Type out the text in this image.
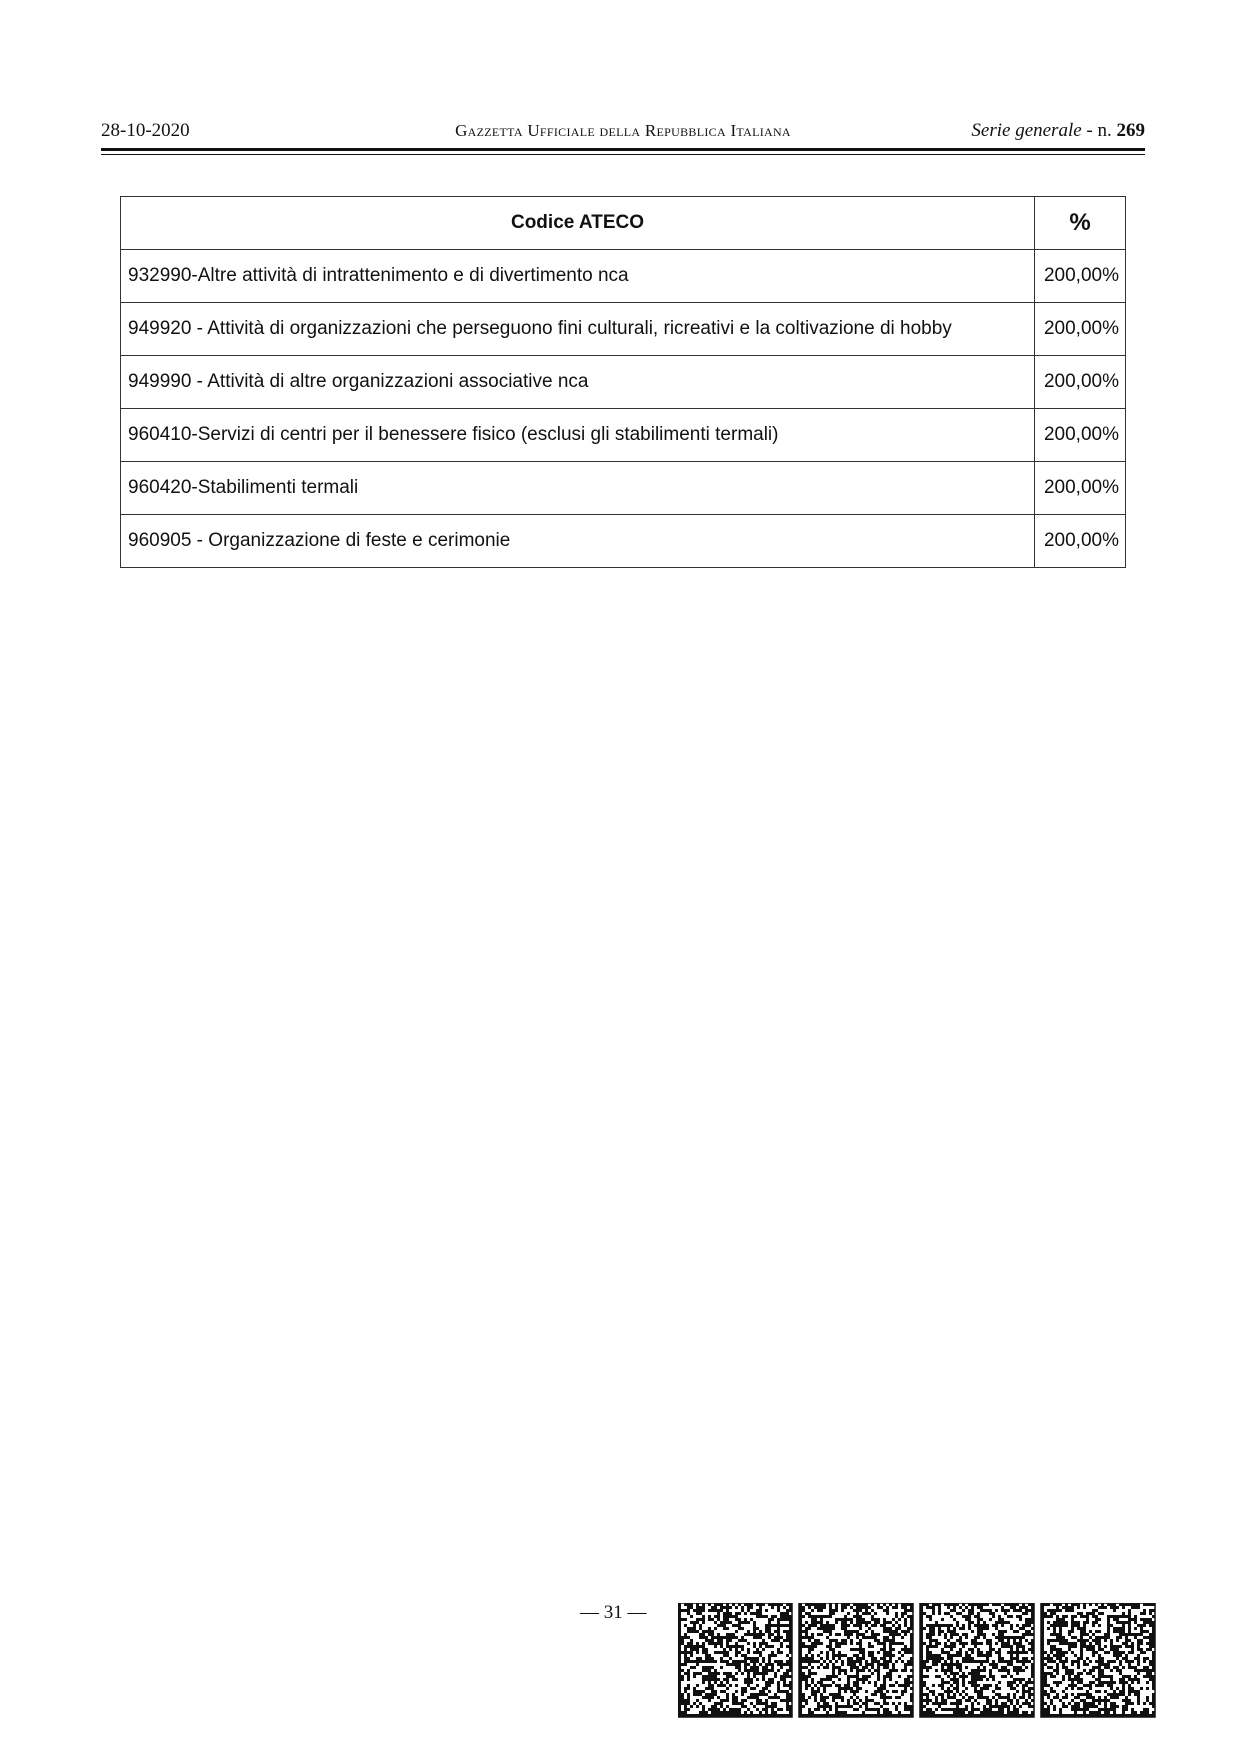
28-10-2020	Gazzetta Ufficiale della Repubblica Italiana	Serie generale - n. 269
Codice ATECO	%
932990-Altre attività di intrattenimento e di divertimento nca	200,00%
949920 - Attività di organizzazioni che perseguono fini culturali, ricreativi e la coltivazione di hobby	200,00%
949990 - Attività di altre organizzazioni associative nca	200,00%
960410-Servizi di centri per il benessere fisico (esclusi gli stabilimenti termali)	200,00%
960420-Stabilimenti termali	200,00%
960905 - Organizzazione di feste e cerimonie	200,00%
— 31 —
